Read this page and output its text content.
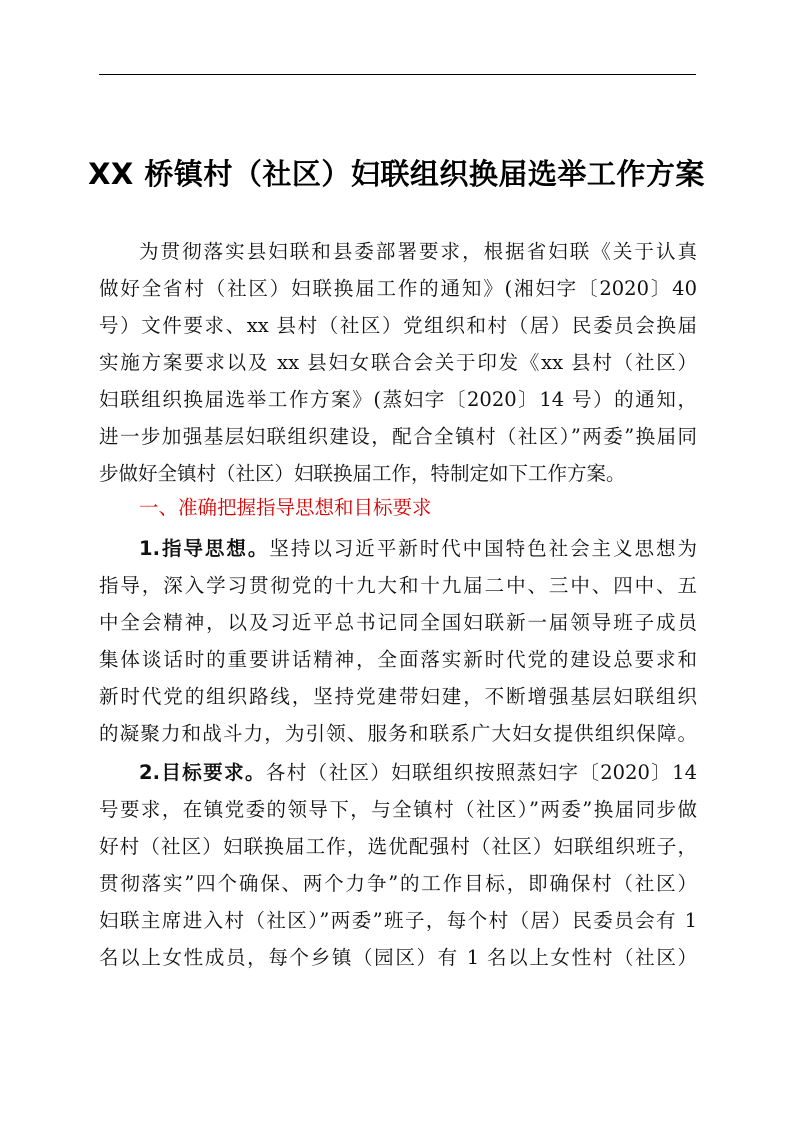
XX 桥镇村（社区）妇联组织换届选举工作方案
为贯彻落实县妇联和县委部署要求，根据省妇联《关于认真
做好全省村（社区）妇联换届工作的通知》(湘妇字〔2020〕40
号）文件要求、xx 县村（社区）党组织和村（居）民委员会换届
实施方案要求以及 xx 县妇女联合会关于印发《xx 县村（社区）
妇联组织换届选举工作方案》(蒸妇字〔2020〕14 号）的通知，
进一步加强基层妇联组织建设，配合全镇村（社区）”两委”换届同
步做好全镇村（社区）妇联换届工作，特制定如下工作方案。
一、准确把握指导思想和目标要求
1.指导思想。坚持以习近平新时代中国特色社会主义思想为
指导，深入学习贯彻党的十九大和十九届二中、三中、四中、五
中全会精神，以及习近平总书记同全国妇联新一届领导班子成员
集体谈话时的重要讲话精神，全面落实新时代党的建设总要求和
新时代党的组织路线，坚持党建带妇建，不断增强基层妇联组织
的凝聚力和战斗力，为引领、服务和联系广大妇女提供组织保障。
2.目标要求。各村（社区）妇联组织按照蒸妇字〔2020〕14
号要求，在镇党委的领导下，与全镇村（社区）”两委”换届同步做
好村（社区）妇联换届工作，选优配强村（社区）妇联组织班子，
贯彻落实”四个确保、两个力争”的工作目标，即确保村（社区）
妇联主席进入村（社区）”两委”班子，每个村（居）民委员会有 1
名以上女性成员，每个乡镇（园区）有 1 名以上女性村（社区）
